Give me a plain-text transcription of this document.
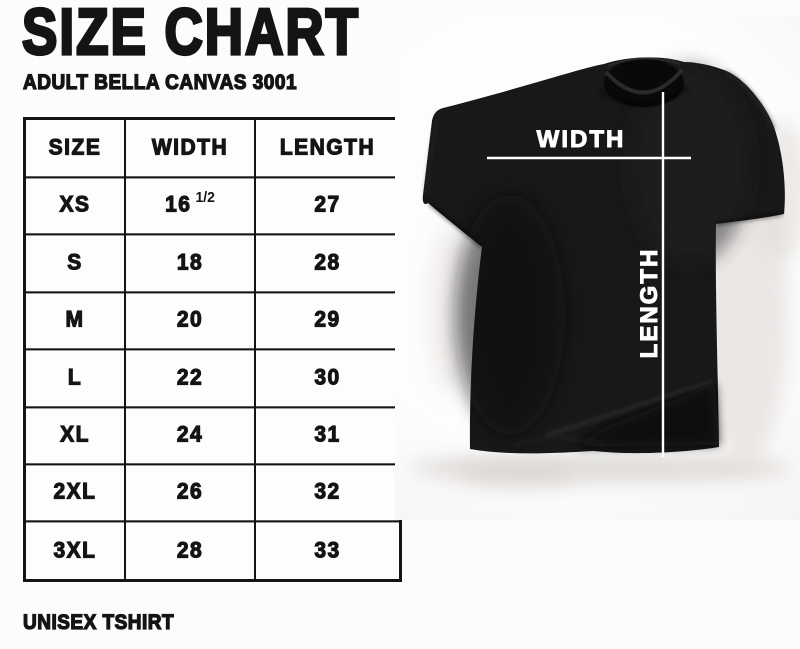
SIZE CHART
ADULT BELLA CANVAS 3001
SIZE WIDTH LENGTH
XS	16 1/2	27
S	18	28
M	20	29
L	22	30
XL	24	31
2XL	26	32
3XL	28	33
UNISEX TSHIRT
WIDTH
LENGTH
